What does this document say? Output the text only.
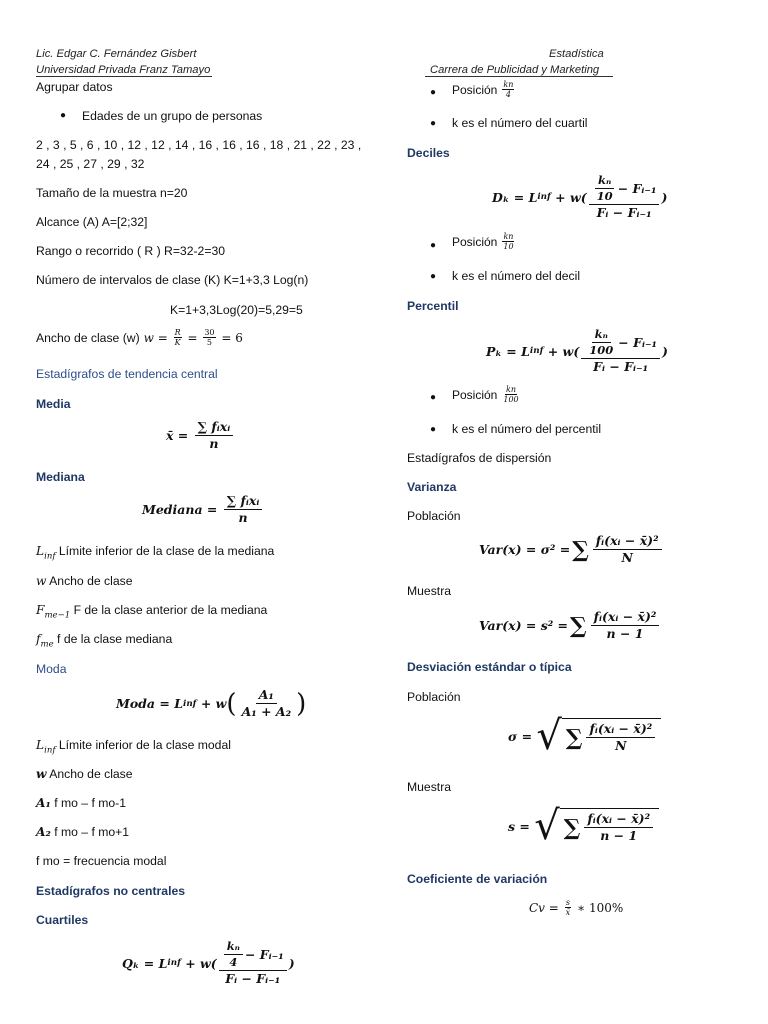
Lic. Edgar C. Fernández Gisbert
Universidad Privada Franz Tamayo
Estadística
Carrera de Publicidad y Marketing
Agrupar datos
● Edades de un grupo de personas
2 , 3 , 5 , 6 , 10 , 12 , 12 , 14 , 16 , 16 , 16 , 18 , 21 , 22 , 23 ,
24 , 25 , 27 , 29 , 32
Tamaño de la muestra n=20
Alcance (A) A=[2;32]
Rango o recorrido ( R ) R=32-2=30
Número de intervalos de clase (K) K=1+3,3 Log(n)
K=1+3,3Log(20)=5,29=5
Ancho de clase (w) $w = \frac{R}{K} = \frac{30}{5} = 6$
Estadígrafos de tendencia central
Media
x̄ = $\frac{\text{∑ fᵢxᵢ}}{n}$
Mediana
Mediana = $\frac{\text{∑ fᵢxᵢ}}{n}$
$L_{inf}$ Límite inferior de la clase de la mediana
w Ancho de clase
$F_{me-1}$ F de la clase anterior de la mediana
$f_{me}$ f de la clase mediana
Moda
Moda
= L inf
+ w ( $\frac{\text{A₁}}{\text{A₁ + A₂}}$ )
$L_{inf}$ Límite inferior de la clase modal
w Ancho de clase
A₁ f mo – f mo-1
A₂ f mo – f mo+1
f mo = frecuencia modal
Estadígrafos no centrales
Cuartiles
Qₖ = L inf + $w( \frac{\frac{\text{kₙ}}{4} - Fᵢ_{-1}}{\text{Fᵢ − Fᵢ₋₁}}$ )
● Posición $\frac{kn}{4}$
● k es el número del cuartil
Deciles
Dₖ = L inf + $w( \frac{\frac{\text{kₙ}}{10} - Fᵢ_{-1}}{\text{Fᵢ − Fᵢ₋₁}}$ )
● Posición $\frac{kn}{10}$
● k es el número del decil
Percentil
Pₖ = L inf + $w( \frac{\frac{\text{kₙ}}{100} - Fᵢ_{-1}}{\text{Fᵢ − Fᵢ₋₁}}$ )
● Posición $\frac{kn}{100}$
● k es el número del percentil
Estadígrafos de dispersión
Varianza
Población
Var(x) = σ² = ∑ $\frac{\text{fᵢ(xᵢ − x̄)²}}{N}$
Muestra
Var(x) = s² = ∑ $\frac{\text{fᵢ(xᵢ − x̄)²}}{n - 1}$
Desviación estándar o típica
Población
σ =
√ ∑ $\frac{\text{fᵢ(xᵢ − x̄)²}}{N}$
Muestra
s =
√ ∑ $\frac{\text{fᵢ(xᵢ − x̄)²}}{n - 1}$
Coeficiente de variación
Cv =
$\frac{s}{x̄}$
∗ 100%
